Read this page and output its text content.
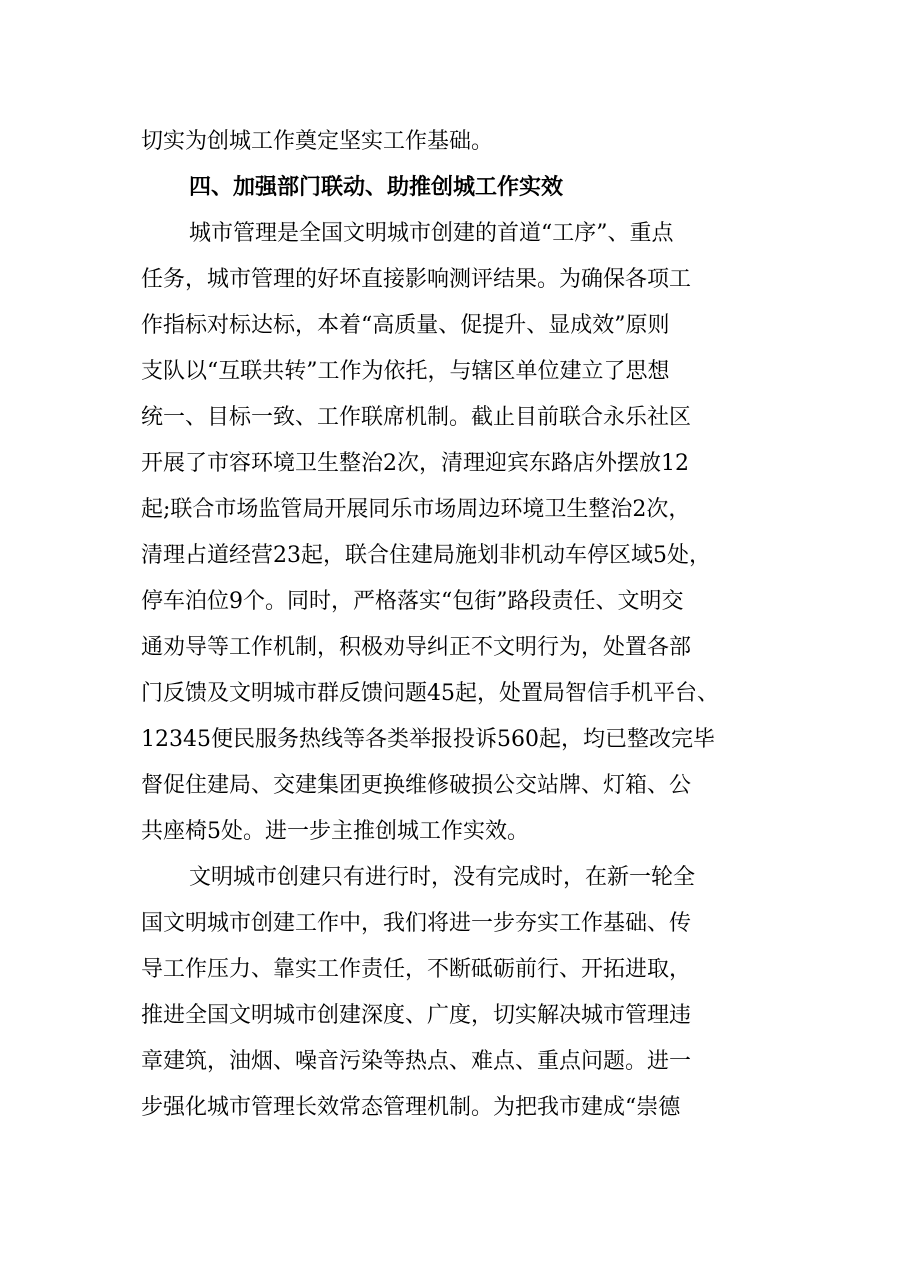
切实为创城工作奠定坚实工作基础。
四、加强部门联动、助推创城工作实效
城市管理是全国文明城市创建的首道“工序”、重点
任务，城市管理的好坏直接影响测评结果。为确保各项工
作指标对标达标，本着“高质量、促提升、显成效”原则
支队以“互联共转”工作为依托，与辖区单位建立了思想
统一、目标一致、工作联席机制。截止目前联合永乐社区
开展了市容环境卫生整治2次，清理迎宾东路店外摆放12
起;联合市场监管局开展同乐市场周边环境卫生整治2次，
清理占道经营23起，联合住建局施划非机动车停区域5处，
停车泊位9个。同时，严格落实“包街”路段责任、文明交
通劝导等工作机制，积极劝导纠正不文明行为，处置各部
门反馈及文明城市群反馈问题45起，处置局智信手机平台、
12345便民服务热线等各类举报投诉560起，均已整改完毕
督促住建局、交建集团更换维修破损公交站牌、灯箱、公
共座椅5处。进一步主推创城工作实效。
文明城市创建只有进行时，没有完成时，在新一轮全
国文明城市创建工作中，我们将进一步夯实工作基础、传
导工作压力、靠实工作责任，不断砥砺前行、开拓进取，
推进全国文明城市创建深度、广度，切实解决城市管理违
章建筑，油烟、噪音污染等热点、难点、重点问题。进一
步强化城市管理长效常态管理机制。为把我市建成“崇德
